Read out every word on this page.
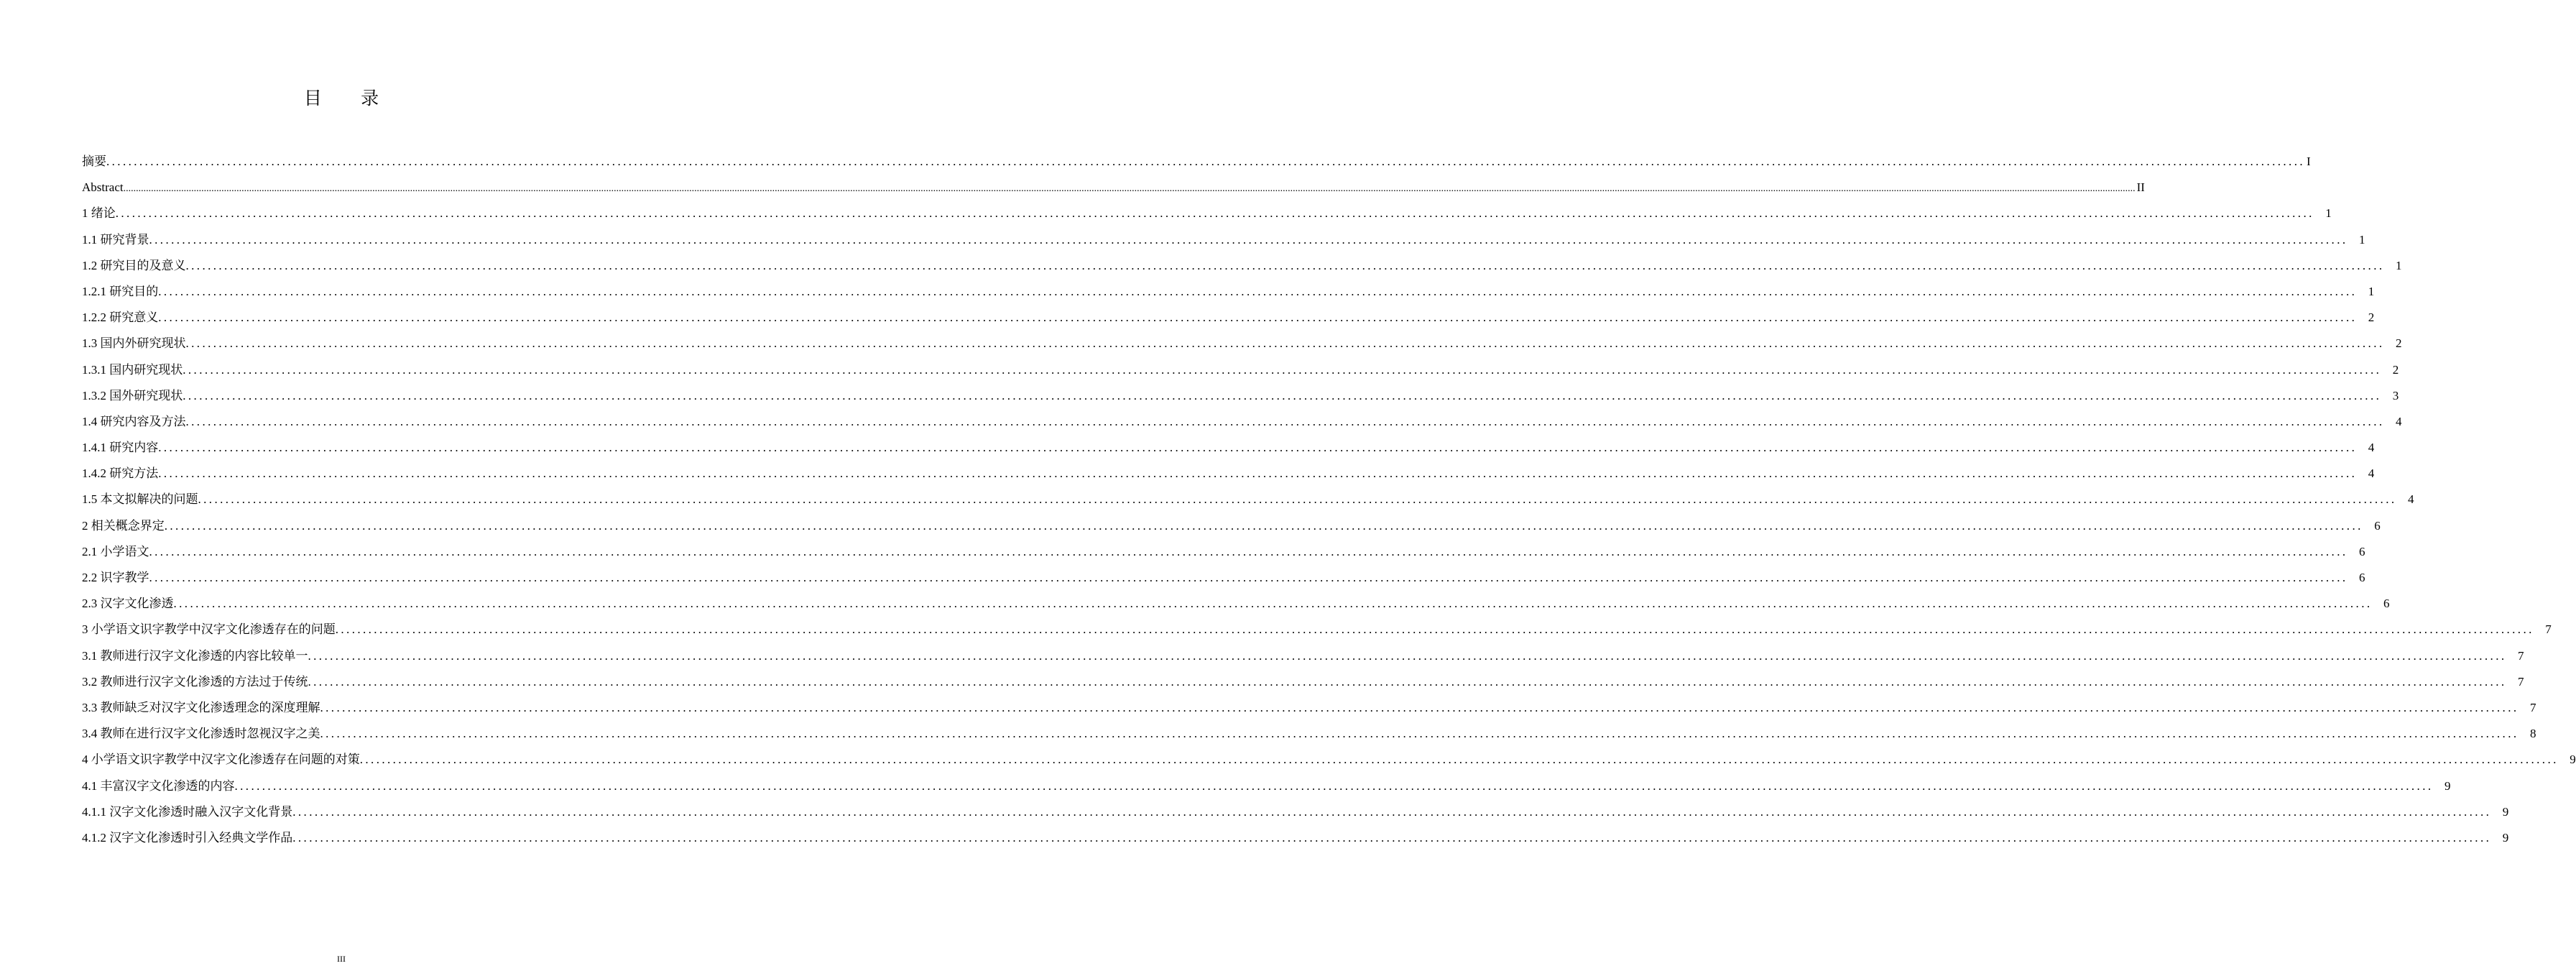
目 录
摘要 ................................................................................................................................................................................................................................................................................................................................................................................................................ I
Abstract ................................................................................................................................................................................................................................................................................................................................................................................................................................................................................................................................................................................................................................................................................................................................................................................................................................ II
1 绪论 ................................................................................................................................................................................................................................................................................................................................................................................................................ 1
1.1 研究背景 ................................................................................................................................................................................................................................................................................................................................................................................................................ 1
1.2 研究目的及意义 ................................................................................................................................................................................................................................................................................................................................................................................................................ 1
1.2.1 研究目的 ................................................................................................................................................................................................................................................................................................................................................................................................................ 1
1.2.2 研究意义 ................................................................................................................................................................................................................................................................................................................................................................................................................ 2
1.3 国内外研究现状 ................................................................................................................................................................................................................................................................................................................................................................................................................ 2
1.3.1 国内研究现状 ................................................................................................................................................................................................................................................................................................................................................................................................................ 2
1.3.2 国外研究现状 ................................................................................................................................................................................................................................................................................................................................................................................................................ 3
1.4 研究内容及方法 ................................................................................................................................................................................................................................................................................................................................................................................................................ 4
1.4.1 研究内容 ................................................................................................................................................................................................................................................................................................................................................................................................................ 4
1.4.2 研究方法 ................................................................................................................................................................................................................................................................................................................................................................................................................ 4
1.5 本文拟解决的问题 ................................................................................................................................................................................................................................................................................................................................................................................................................ 4
2 相关概念界定 ................................................................................................................................................................................................................................................................................................................................................................................................................ 6
2.1 小学语文 ................................................................................................................................................................................................................................................................................................................................................................................................................ 6
2.2 识字教学 ................................................................................................................................................................................................................................................................................................................................................................................................................ 6
2.3 汉字文化渗透 ................................................................................................................................................................................................................................................................................................................................................................................................................ 6
3 小学语文识字教学中汉字文化渗透存在的问题 ................................................................................................................................................................................................................................................................................................................................................................................................................ 7
3.1 教师进行汉字文化渗透的内容比较单一 ................................................................................................................................................................................................................................................................................................................................................................................................................ 7
3.2 教师进行汉字文化渗透的方法过于传统 ................................................................................................................................................................................................................................................................................................................................................................................................................ 7
3.3 教师缺乏对汉字文化渗透理念的深度理解 ................................................................................................................................................................................................................................................................................................................................................................................................................ 7
3.4 教师在进行汉字文化渗透时忽视汉字之美 ................................................................................................................................................................................................................................................................................................................................................................................................................ 8
4 小学语文识字教学中汉字文化渗透存在问题的对策 ................................................................................................................................................................................................................................................................................................................................................................................................................ 9
4.1 丰富汉字文化渗透的内容 ................................................................................................................................................................................................................................................................................................................................................................................................................ 9
4.1.1 汉字文化渗透时融入汉字文化背景 ................................................................................................................................................................................................................................................................................................................................................................................................................ 9
4.1.2 汉字文化渗透时引入经典文学作品 ................................................................................................................................................................................................................................................................................................................................................................................................................ 9
III
